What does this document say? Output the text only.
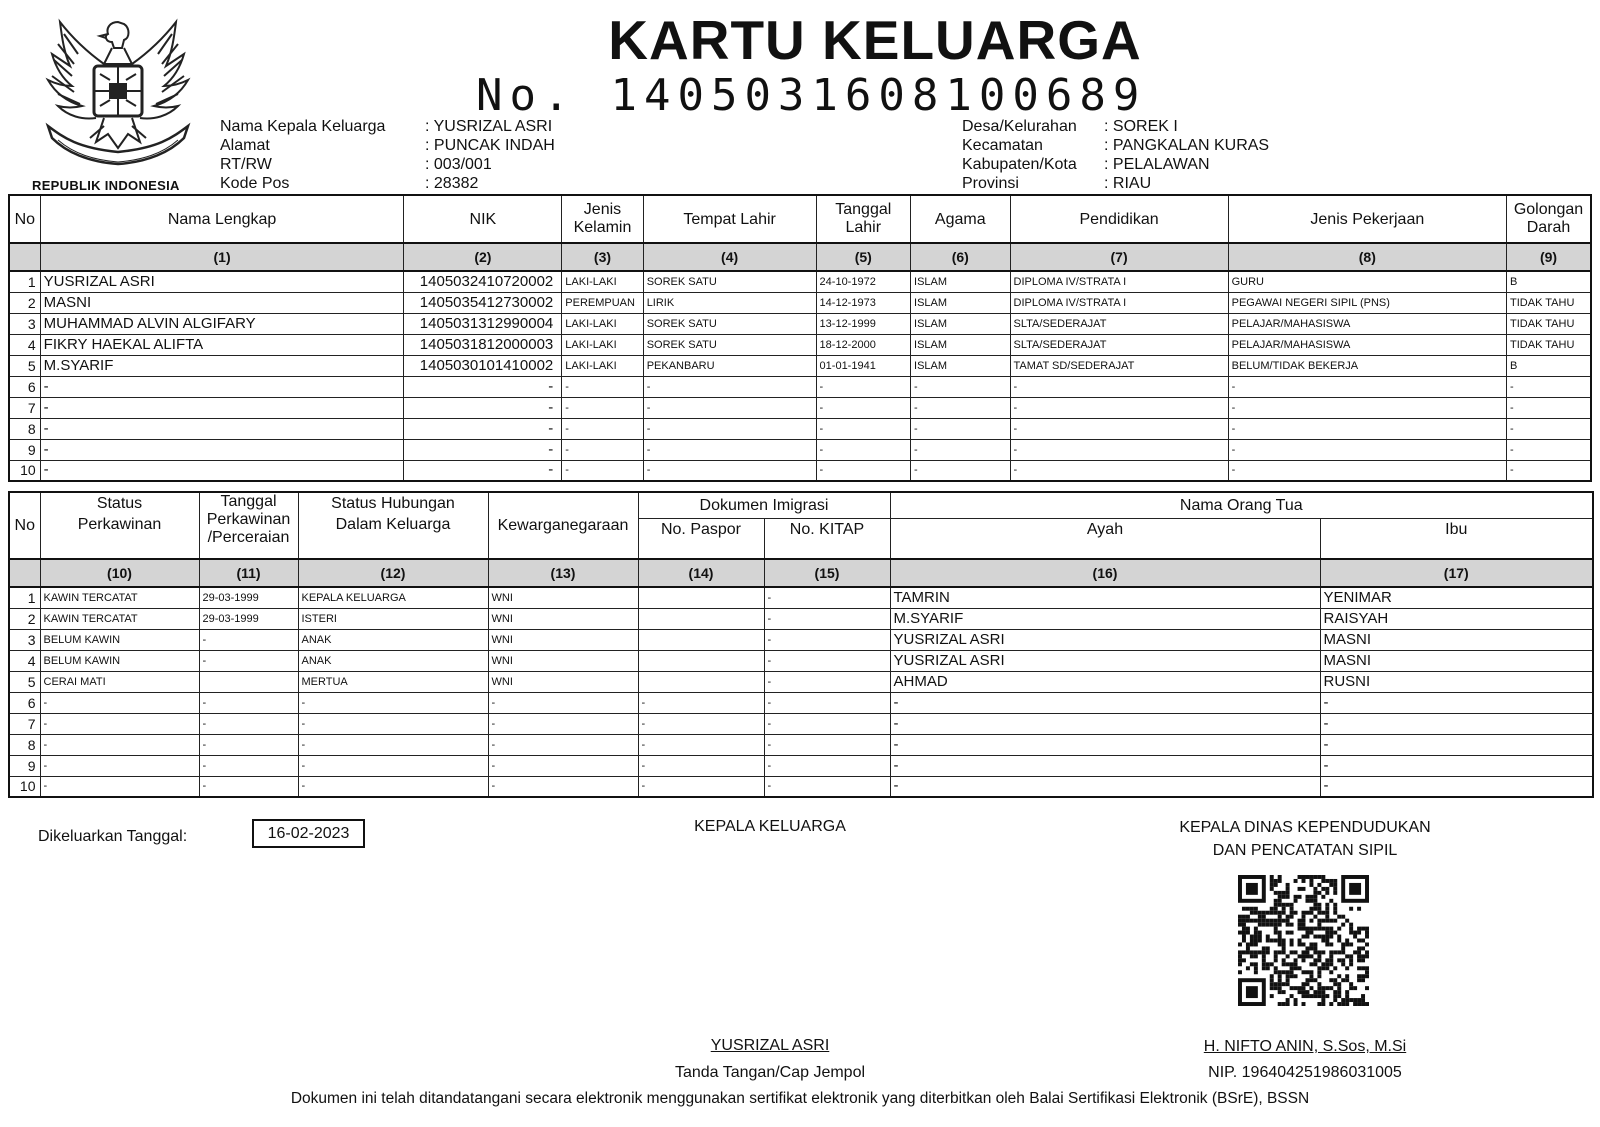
REPUBLIK INDONESIA
KARTU KELUARGA
No. 1405031608100689
Nama Kepala Keluarga	: YUSRIZAL ASRI
Alamat	: PUNCAK INDAH
RT/RW	: 003/001
Kode Pos	: 28382
Desa/Kelurahan	: SOREK I
Kecamatan	: PANGKALAN KURAS
Kabupaten/Kota	: PELALAWAN
Provinsi	: RIAU
No	Nama Lengkap	NIK	Jenis
Kelamin	Tempat Lahir	Tanggal
Lahir	Agama	Pendidikan	Jenis Pekerjaan	Golongan
Darah
	(1)	(2)	(3)	(4)	(5)	(6)	(7)	(8)	(9)
1	YUSRIZAL ASRI	1405032410720002	LAKI-LAKI	SOREK SATU	24-10-1972	ISLAM	DIPLOMA IV/STRATA I	GURU	B
2	MASNI	1405035412730002	PEREMPUAN	LIRIK	14-12-1973	ISLAM	DIPLOMA IV/STRATA I	PEGAWAI NEGERI SIPIL (PNS)	TIDAK TAHU
3	MUHAMMAD ALVIN ALGIFARY	1405031312990004	LAKI-LAKI	SOREK SATU	13-12-1999	ISLAM	SLTA/SEDERAJAT	PELAJAR/MAHASISWA	TIDAK TAHU
4	FIKRY HAEKAL ALIFTA	1405031812000003	LAKI-LAKI	SOREK SATU	18-12-2000	ISLAM	SLTA/SEDERAJAT	PELAJAR/MAHASISWA	TIDAK TAHU
5	M.SYARIF	1405030101410002	LAKI-LAKI	PEKANBARU	01-01-1941	ISLAM	TAMAT SD/SEDERAJAT	BELUM/TIDAK BEKERJA	B
6	-	-	-	-	-	-	-	-	-
7	-	-	-	-	-	-	-	-	-
8	-	-	-	-	-	-	-	-	-
9	-	-	-	-	-	-	-	-	-
10	-	-	-	-	-	-	-	-	-
No	Status
Perkawinan	Tanggal
Perkawinan
/Perceraian	Status Hubungan
Dalam Keluarga	Kewarganegaraan	Dokumen Imigrasi		Nama Orang Tua	
					No. Paspor	No. KITAP	Ayah	Ibu
	(10)	(11)	(12)	(13)	(14)	(15)	(16)	(17)
1	KAWIN TERCATAT	29-03-1999	KEPALA KELUARGA	WNI		-	TAMRIN	YENIMAR
2	KAWIN TERCATAT	29-03-1999	ISTERI	WNI		-	M.SYARIF	RAISYAH
3	BELUM KAWIN	-	ANAK	WNI		-	YUSRIZAL ASRI	MASNI
4	BELUM KAWIN	-	ANAK	WNI		-	YUSRIZAL ASRI	MASNI
5	CERAI MATI		MERTUA	WNI		-	AHMAD	RUSNI
6	-	-	-	-	-	-	-	-
7	-	-	-	-	-	-	-	-
8	-	-	-	-	-	-	-	-
9	-	-	-	-	-	-	-	-
10	-	-	-	-	-	-	-	-
Dikeluarkan Tanggal:	16-02-2023	KEPALA KELUARGA
YUSRIZAL ASRI
Tanda Tangan/Cap Jempol
KEPALA DINAS KEPENDUDUKAN
DAN PENCATATAN SIPIL
H. NIFTO ANIN, S.Sos, M.Si
NIP. 196404251986031005
Dokumen ini telah ditandatangani secara elektronik menggunakan sertifikat elektronik yang diterbitkan oleh Balai Sertifikasi Elektronik (BSrE), BSSN
